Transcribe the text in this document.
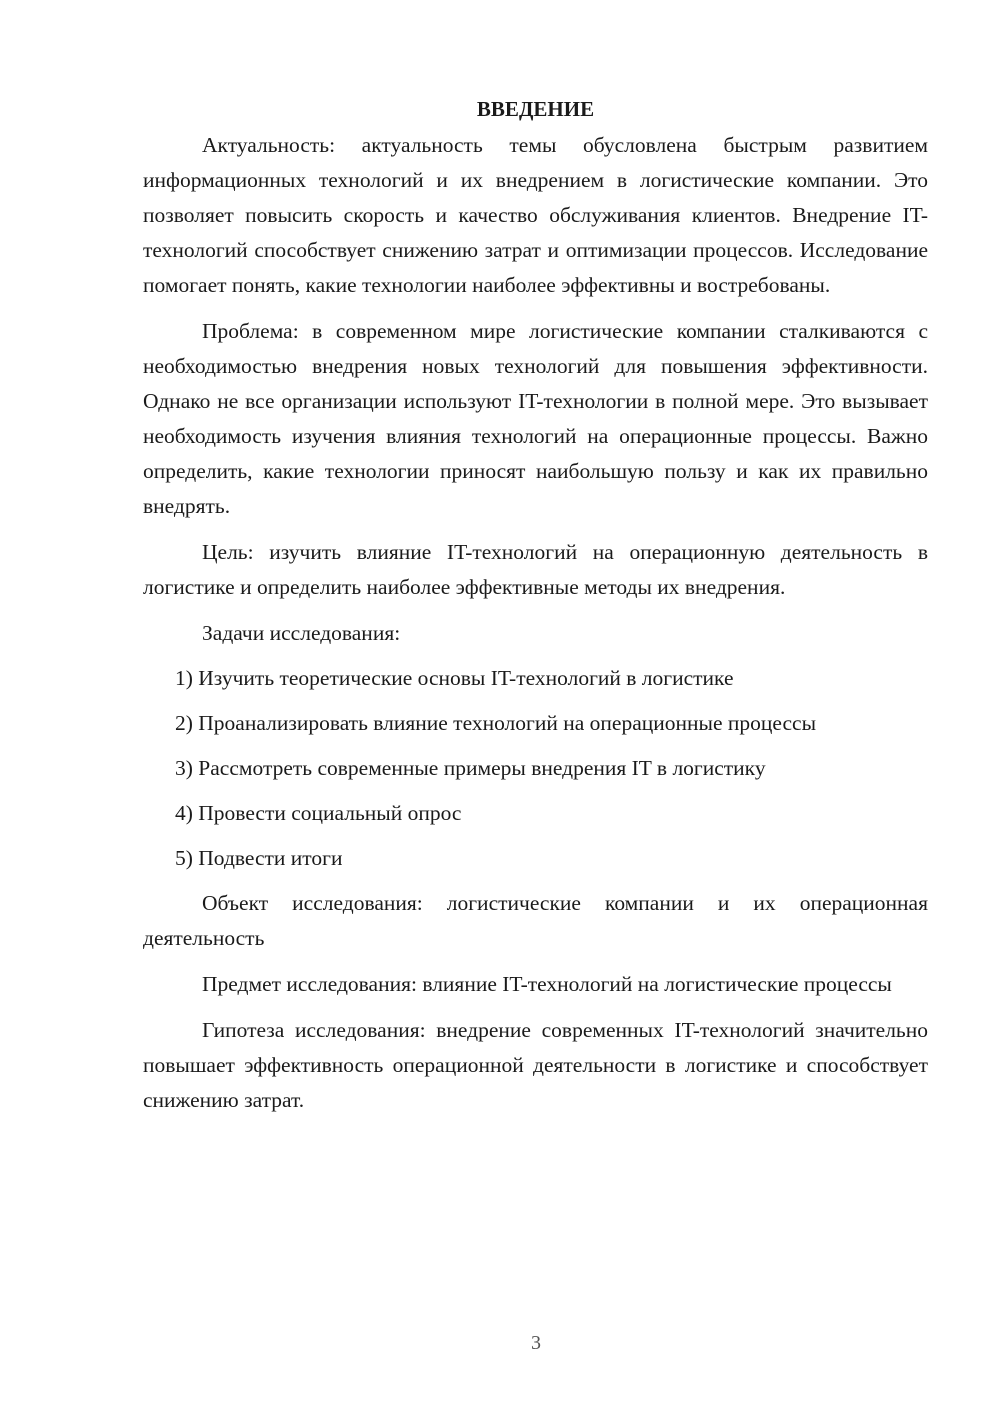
ВВЕДЕНИЕ

Актуальность: актуальность темы обусловлена быстрым развитием информационных технологий и их внедрением в логистические компании. Это позволяет повысить скорость и качество обслуживания клиентов. Внедрение IT-технологий способствует снижению затрат и оптимизации процессов. Исследование помогает понять, какие технологии наиболее эффективны и востребованы.

Проблема: в современном мире логистические компании сталкиваются с необходимостью внедрения новых технологий для повышения эффективности. Однако не все организации используют IT-технологии в полной мере. Это вызывает необходимость изучения влияния технологий на операционные процессы. Важно определить, какие технологии приносят наибольшую пользу и как их правильно внедрять.

Цель: изучить влияние IT-технологий на операционную деятельность в логистике и определить наиболее эффективные методы их внедрения.

Задачи исследования:

1) Изучить теоретические основы IT-технологий в логистике
2) Проанализировать влияние технологий на операционные процессы
3) Рассмотреть современные примеры внедрения IT в логистику
4) Провести социальный опрос
5) Подвести итоги

Объект исследования: логистические компании и их операционная деятельность

Предмет исследования: влияние IT-технологий на логистические процессы

Гипотеза исследования: внедрение современных IT-технологий значительно повышает эффективность операционной деятельности в логистике и способствует снижению затрат.

3
